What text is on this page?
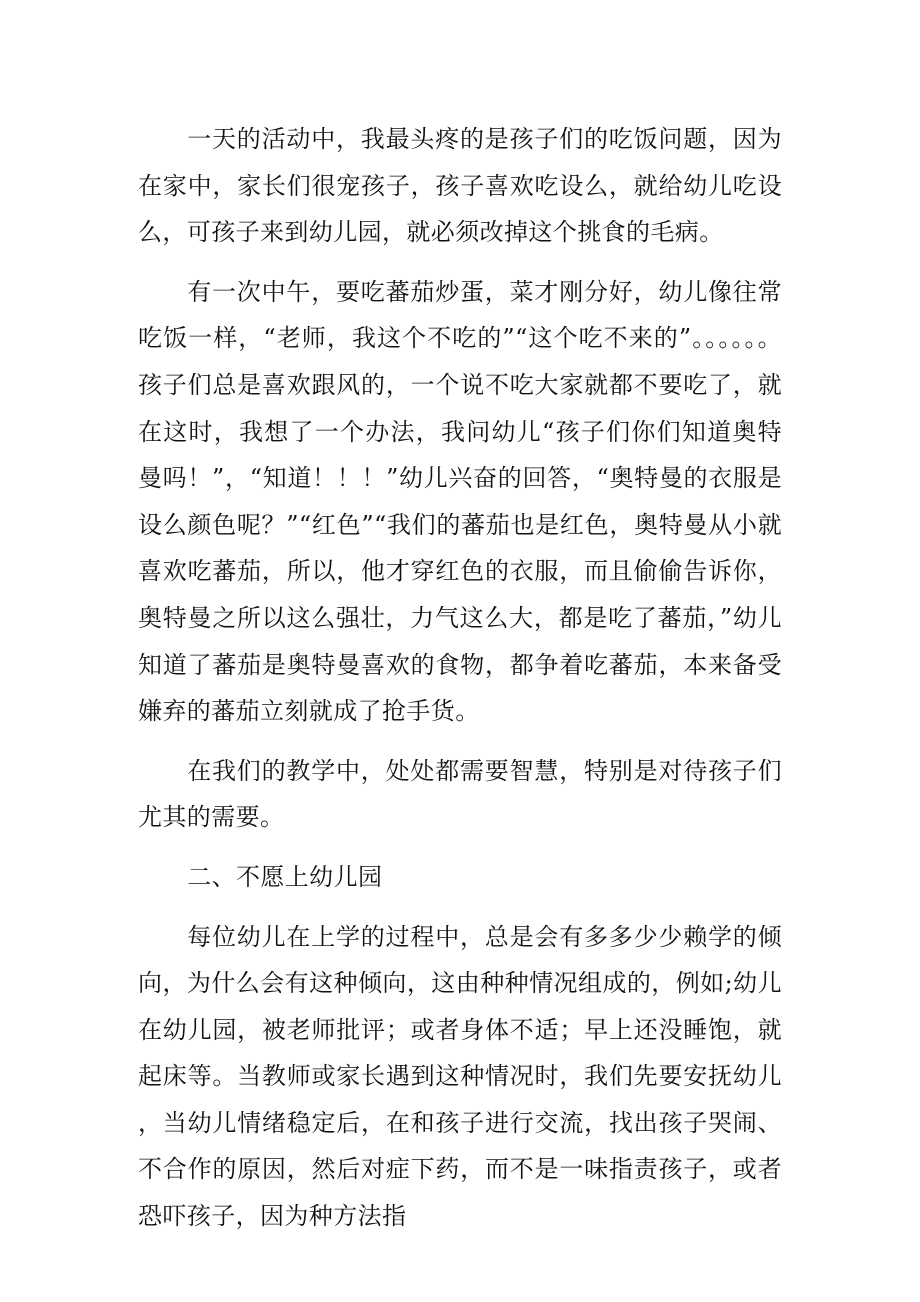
一天的活动中，我最头疼的是孩子们的吃饭问题，因为在家中，家长们很宠孩子，孩子喜欢吃设么，就给幼儿吃设么，可孩子来到幼儿园，就必须改掉这个挑食的毛病。

有一次中午，要吃蕃茄炒蛋，菜才刚分好，幼儿像往常吃饭一样，“老师，我这个不吃的”“这个吃不来的”。。。。。。孩子们总是喜欢跟风的，一个说不吃大家就都不要吃了，就在这时，我想了一个办法，我问幼儿“孩子们你们知道奥特曼吗！”，“知道！！！”幼儿兴奋的回答，“奥特曼的衣服是设么颜色呢？”“红色”“我们的蕃茄也是红色，奥特曼从小就喜欢吃蕃茄，所以，他才穿红色的衣服，而且偷偷告诉你，奥特曼之所以这么强壮，力气这么大，都是吃了蕃茄，”幼儿知道了蕃茄是奥特曼喜欢的食物，都争着吃蕃茄，本来备受嫌弃的蕃茄立刻就成了抢手货。

在我们的教学中，处处都需要智慧，特别是对待孩子们尤其的需要。

二、不愿上幼儿园

每位幼儿在上学的过程中，总是会有多多少少赖学的倾向，为什么会有这种倾向，这由种种情况组成的，例如;幼儿在幼儿园，被老师批评；或者身体不适；早上还没睡饱，就起床等。当教师或家长遇到这种情况时，我们先要安抚幼儿，当幼儿情绪稳定后，在和孩子进行交流，找出孩子哭闹、不合作的原因，然后对症下药，而不是一味指责孩子，或者恐吓孩子，因为种方法指
